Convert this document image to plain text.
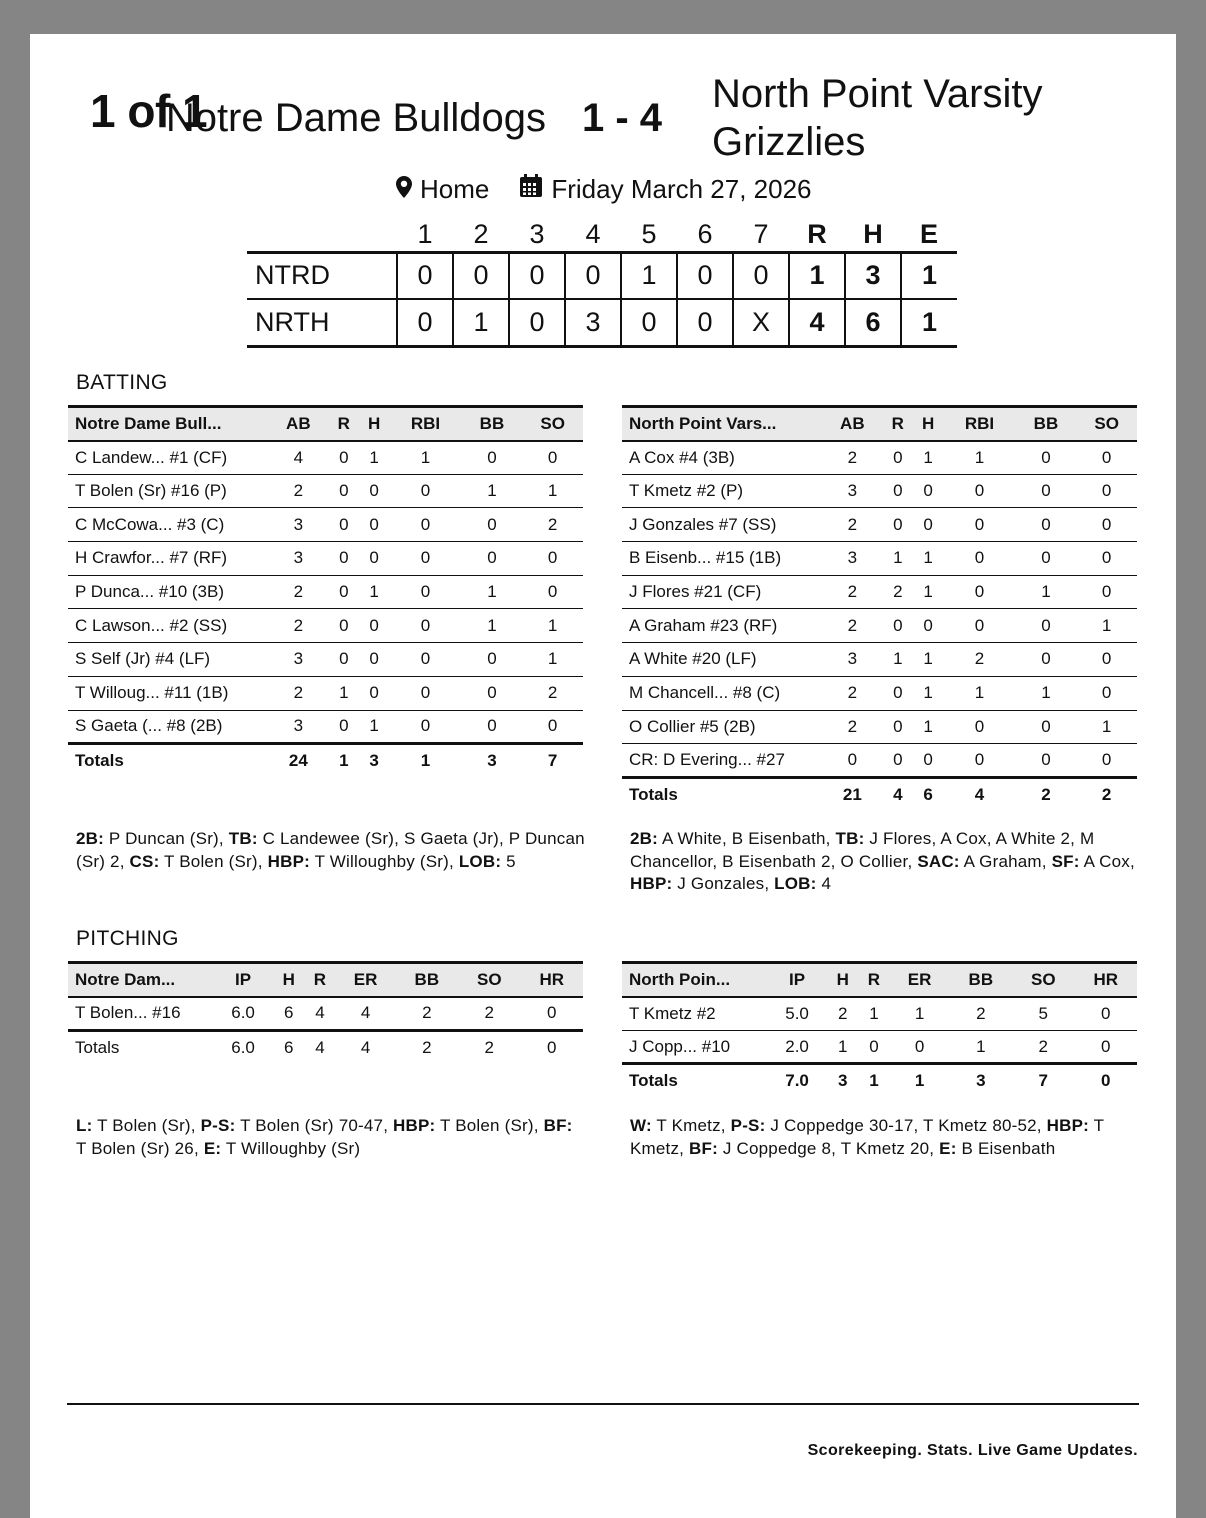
1 of 1
Notre Dame Bulldogs 1 - 4
North Point Varsity Grizzlies
Home Friday March 27, 2026
	1	2	3	4	5	6	7	R	H	E
NTRD	0	0	0	0	1	0	0	1	3	1
NRTH	0	1	0	3	0	0	X	4	6	1
BATTING
Notre Dame Bull...	AB	R	H	RBI	BB	SO
C Landew... #1 (CF)	4	0	1	1	0	0
T Bolen (Sr) #16 (P)	2	0	0	0	1	1
C McCowa... #3 (C)	3	0	0	0	0	2
H Crawfor... #7 (RF)	3	0	0	0	0	0
P Dunca... #10 (3B)	2	0	1	0	1	0
C Lawson... #2 (SS)	2	0	0	0	1	1
S Self (Jr) #4 (LF)	3	0	0	0	0	1
T Willoug... #11 (1B)	2	1	0	0	0	2
S Gaeta (... #8 (2B)	3	0	1	0	0	0
Totals	24	1	3	1	3	7
North Point Vars...	AB	R	H	RBI	BB	SO
A Cox #4 (3B)	2	0	1	1	0	0
T Kmetz #2 (P)	3	0	0	0	0	0
J Gonzales #7 (SS)	2	0	0	0	0	0
B Eisenb... #15 (1B)	3	1	1	0	0	0
J Flores #21 (CF)	2	2	1	0	1	0
A Graham #23 (RF)	2	0	0	0	0	1
A White #20 (LF)	3	1	1	2	0	0
M Chancell... #8 (C)	2	0	1	1	1	0
O Collier #5 (2B)	2	0	1	0	0	1
CR: D Evering... #27	0	0	0	0	0	0
Totals	21	4	6	4	2	2
2B: P Duncan (Sr), TB: C Landewee (Sr), S Gaeta (Jr), P Duncan (Sr) 2, CS: T Bolen (Sr), HBP: T Willoughby (Sr), LOB: 5
2B: A White, B Eisenbath, TB: J Flores, A Cox, A White 2, M Chancellor, B Eisenbath 2, O Collier, SAC: A Graham, SF: A Cox, HBP: J Gonzales, LOB: 4
PITCHING
Notre Dam...	IP	H	R	ER	BB	SO	HR
T Bolen... #16	6.0	6	4	4	2	2	0
Totals	6.0	6	4	4	2	2	0
North Poin...	IP	H	R	ER	BB	SO	HR
T Kmetz #2	5.0	2	1	1	2	5	0
J Copp... #10	2.0	1	0	0	1	2	0
Totals	7.0	3	1	1	3	7	0
L: T Bolen (Sr), P-S: T Bolen (Sr) 70-47, HBP: T Bolen (Sr), BF: T Bolen (Sr) 26, E: T Willoughby (Sr)
W: T Kmetz, P-S: J Coppedge 30-17, T Kmetz 80-52, HBP: T Kmetz, BF: J Coppedge 8, T Kmetz 20, E: B Eisenbath
Scorekeeping. Stats. Live Game Updates.
